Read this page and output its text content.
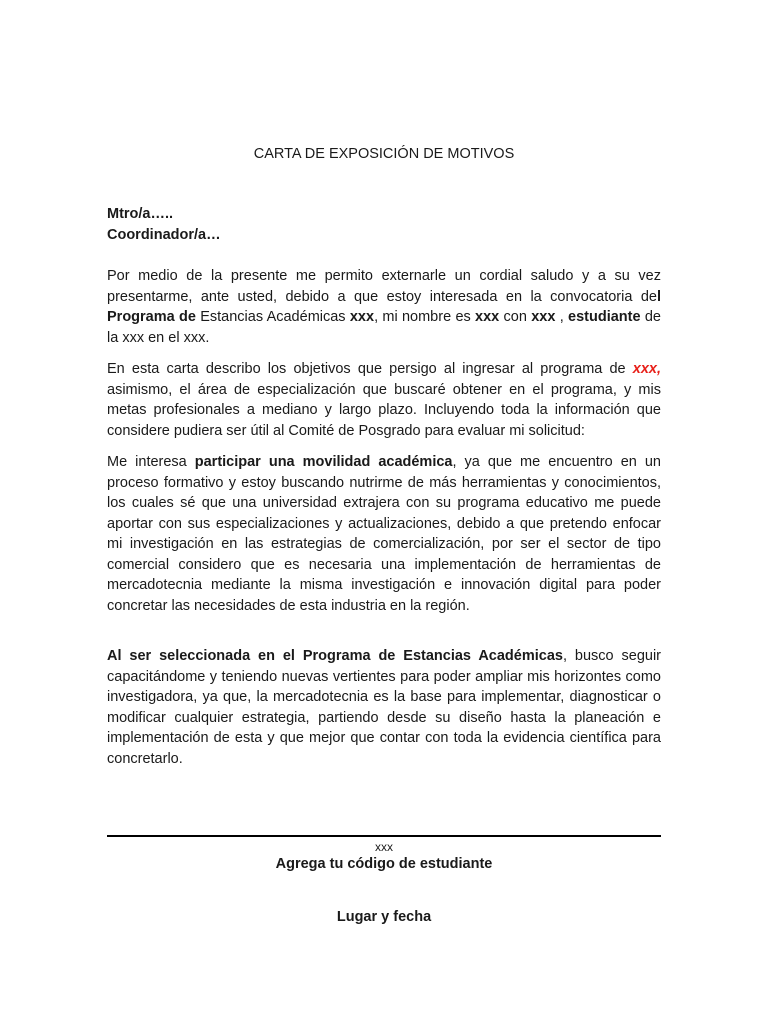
CARTA DE EXPOSICIÓN DE MOTIVOS
Mtro/a…..
Coordinador/a…

Por medio de la presente me permito externarle un cordial saludo y a su vez presentarme, ante usted, debido a que estoy interesada en la convocatoria del Programa de Estancias Académicas xxx, mi nombre es xxx con xxx , estudiante de la xxx en el xxx.

En esta carta describo los objetivos que persigo al ingresar al programa de xxx, asimismo, el área de especialización que buscaré obtener en el programa, y mis metas profesionales a mediano y largo plazo. Incluyendo toda la información que considere pudiera ser útil al Comité de Posgrado para evaluar mi solicitud:

Me interesa participar una movilidad académica, ya que me encuentro en un proceso formativo y estoy buscando nutrirme de más herramientas y conocimientos, los cuales sé que una universidad extrajera con su programa educativo me puede aportar con sus especializaciones y actualizaciones, debido a que pretendo enfocar mi investigación en las estrategias de comercialización, por ser el sector de tipo comercial considero que es necesaria una implementación de herramientas de mercadotecnia mediante la misma investigación e innovación digital para poder concretar las necesidades de esta industria en la región.

Al ser seleccionada en el Programa de Estancias Académicas, busco seguir capacitándome y teniendo nuevas vertientes para poder ampliar mis horizontes como investigadora, ya que, la mercadotecnia es la base para implementar, diagnosticar o modificar cualquier estrategia, partiendo desde su diseño hasta la planeación e implementación de esta y que mejor que contar con toda la evidencia científica para concretarlo.

xxx
Agrega tu código de estudiante
Lugar y fecha
